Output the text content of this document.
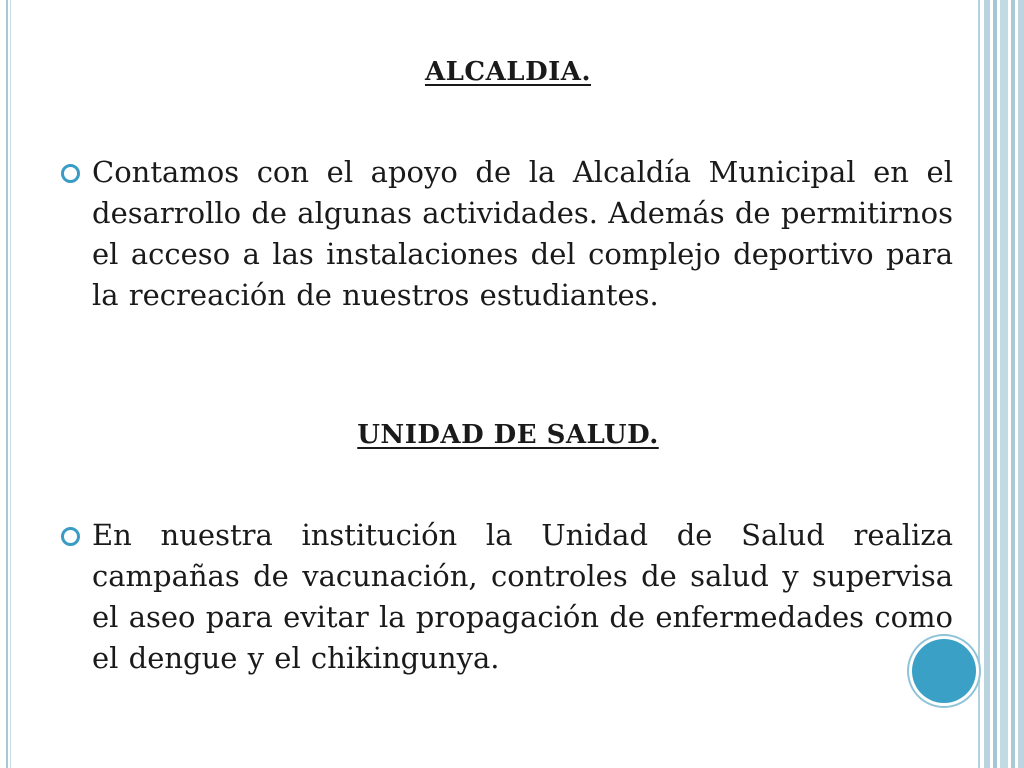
ALCALDIA.
Contamos con el apoyo de la Alcaldía Municipal en el desarrollo de algunas actividades. Además de permitirnos el acceso a las instalaciones del complejo deportivo para la recreación de nuestros estudiantes.
UNIDAD DE SALUD.
En nuestra institución la Unidad de Salud realiza campañas de vacunación, controles de salud y supervisa el aseo para evitar la propagación de enfermedades como el dengue y el chikingunya.
